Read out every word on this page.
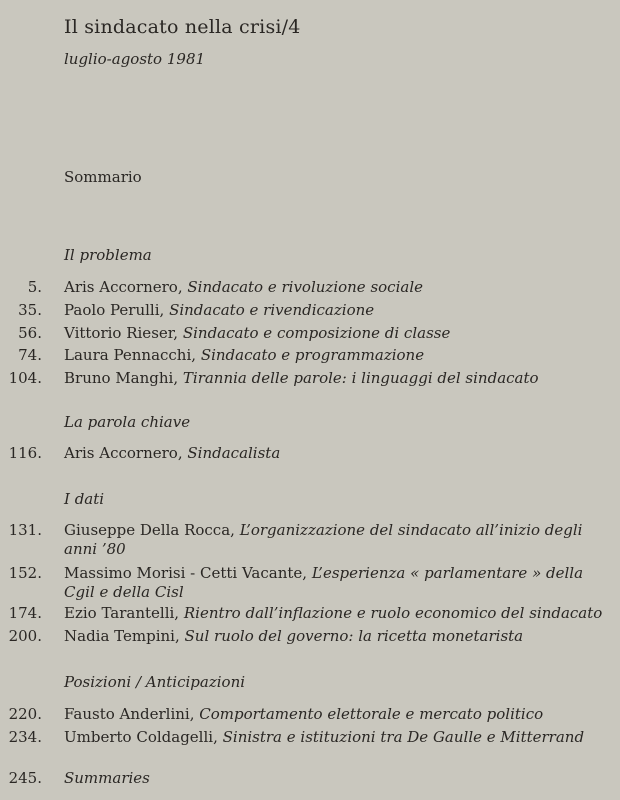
Il sindacato nella crisi/4
luglio-agosto 1981
Sommario
Il problema
5. Aris Accornero, Sindacato e rivoluzione sociale
35. Paolo Perulli, Sindacato e rivendicazione
56. Vittorio Rieser, Sindacato e composizione di classe
74. Laura Pennacchi, Sindacato e programmazione
104. Bruno Manghi, Tirannia delle parole: i linguaggi del sindacato
La parola chiave
116. Aris Accornero, Sindacalista
I dati
131. Giuseppe Della Rocca, L’organizzazione del sindacato all’inizio degli anni ’80
152. Massimo Morisi - Cetti Vacante, L’esperienza « parlamentare » della Cgil e della Cisl
174. Ezio Tarantelli, Rientro dall’inflazione e ruolo economico del sindacato
200. Nadia Tempini, Sul ruolo del governo: la ricetta monetarista
Posizioni / Anticipazioni
220. Fausto Anderlini, Comportamento elettorale e mercato politico
234. Umberto Coldagelli, Sinistra e istituzioni tra De Gaulle e Mitterrand
245. Summaries
